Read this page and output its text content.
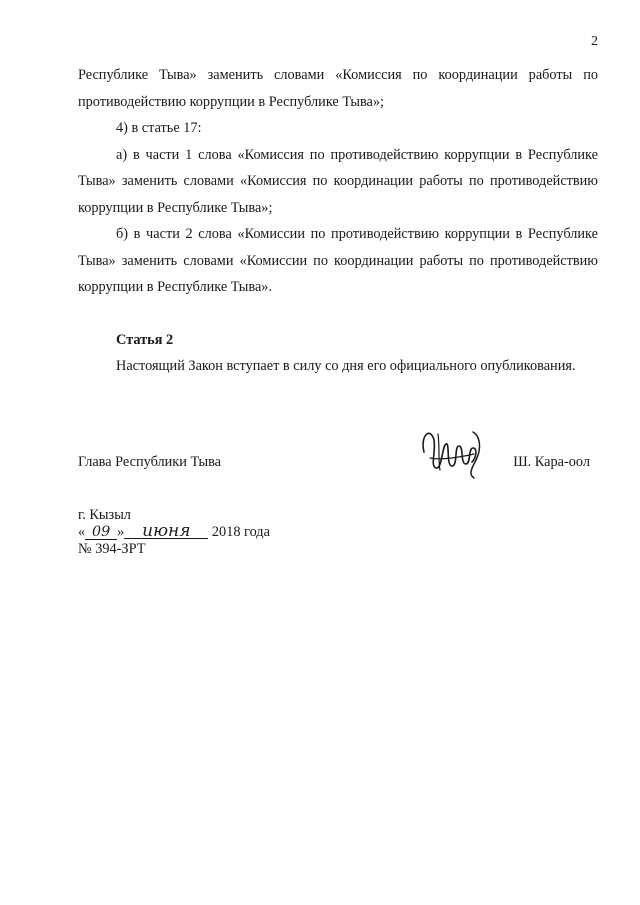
2

Республике Тыва» заменить словами «Комиссия по координации работы по противодействию коррупции в Республике Тыва»;

4) в статье 17:

а) в части 1 слова «Комиссия по противодействию коррупции в Республике Тыва» заменить словами «Комиссия по координации работы по противодействию коррупции в Республике Тыва»;

б) в части 2 слова «Комиссии по противодействию коррупции в Республике Тыва» заменить словами «Комиссии по координации работы по противодействию коррупции в Республике Тыва».

Статья 2

Настоящий Закон вступает в силу со дня его официального опубликования.

Глава Республики Тыва	Ш. Кара-оол
г. Кызыл
« 09 » июня 2018 года
№ 394-ЗРТ
